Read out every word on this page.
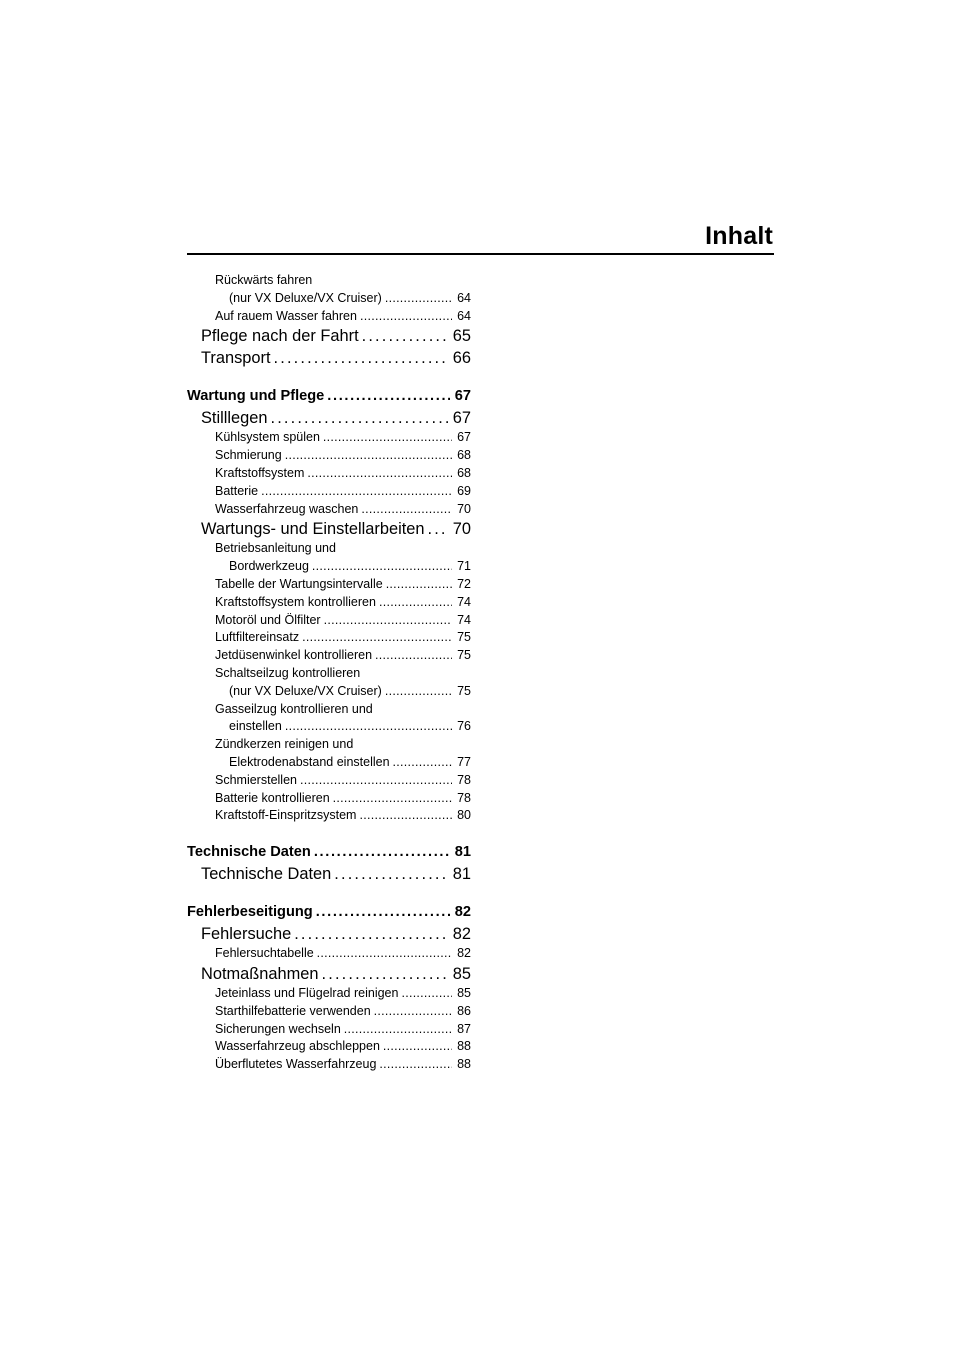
Inhalt
Rückwärts fahren
(nur VX Deluxe/VX Cruiser) . . .	64
Auf rauem Wasser fahren . . .	64
Pflege nach der Fahrt . . .	65
Transport . . .	66
Wartung und Pflege . . .	67
Stilllegen . . .	67
Kühlsystem spülen . . .	67
Schmierung . . .	68
Kraftstoffsystem . . .	68
Batterie . . .	69
Wasserfahrzeug waschen . . .	70
Wartungs- und Einstellarbeiten . . . 70
Betriebsanleitung und
Bordwerkzeug . . .	71
Tabelle der Wartungsintervalle . . .	72
Kraftstoffsystem kontrollieren . . .	74
Motoröl und Ölfilter . . .	74
Luftfiltereinsatz . . .	75
Jetdüsenwinkel kontrollieren . . .	75
Schaltseilzug kontrollieren
(nur VX Deluxe/VX Cruiser) . . .	75
Gasseilzug kontrollieren und
einstellen . . .	76
Zündkerzen reinigen und
Elektrodenabstand einstellen . . .	77
Schmierstellen . . .	78
Batterie kontrollieren . . .	78
Kraftstoff-Einspritzsystem . . .	80
Technische Daten . . .	81
Technische Daten . . .	81
Fehlerbeseitigung . . .	82
Fehlersuche . . .	82
Fehlersuchtabelle . . .	82
Notmaßnahmen . . .	85
Jeteinlass und Flügelrad reinigen . . .	85
Starthilfebatterie verwenden . . .	86
Sicherungen wechseln . . .	87
Wasserfahrzeug abschleppen . . .	88
Überflutetes Wasserfahrzeug . . .	88
